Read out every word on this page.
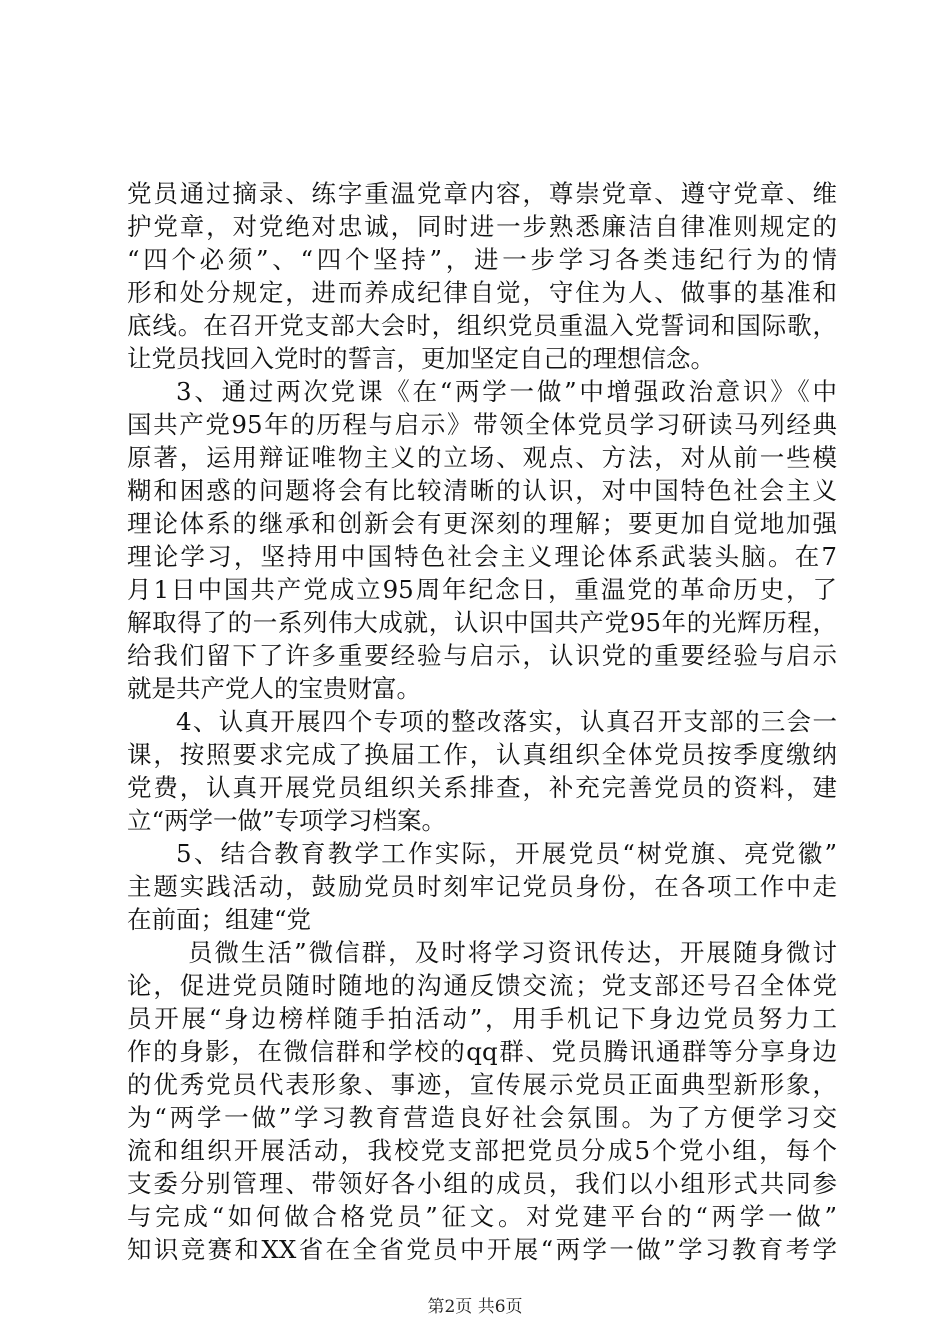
党员通过摘录、练字重温党章内容，尊崇党章、遵守党章、维
护党章，对党绝对忠诚，同时进一步熟悉廉洁自律准则规定的
“四个必须”、“四个坚持”，进一步学习各类违纪行为的情
形和处分规定，进而养成纪律自觉，守住为人、做事的基准和
底线。在召开党支部大会时，组织党员重温入党誓词和国际歌，
让党员找回入党时的誓言，更加坚定自己的理想信念。
3、通过两次党课《在“两学一做”中增强政治意识》《中
国共产党95年的历程与启示》带领全体党员学习研读马列经典
原著，运用辩证唯物主义的立场、观点、方法，对从前一些模
糊和困惑的问题将会有比较清晰的认识，对中国特色社会主义
理论体系的继承和创新会有更深刻的理解；要更加自觉地加强
理论学习，坚持用中国特色社会主义理论体系武装头脑。在7
月1日中国共产党成立95周年纪念日，重温党的革命历史，了
解取得了的一系列伟大成就，认识中国共产党95年的光辉历程，
给我们留下了许多重要经验与启示，认识党的重要经验与启示
就是共产党人的宝贵财富。
4、认真开展四个专项的整改落实，认真召开支部的三会一
课，按照要求完成了换届工作，认真组织全体党员按季度缴纳
党费，认真开展党员组织关系排查，补充完善党员的资料，建
立“两学一做”专项学习档案。
5、结合教育教学工作实际，开展党员“树党旗、亮党徽”
主题实践活动，鼓励党员时刻牢记党员身份，在各项工作中走
在前面；组建“党
员微生活”微信群，及时将学习资讯传达，开展随身微讨
论，促进党员随时随地的沟通反馈交流；党支部还号召全体党
员开展“身边榜样随手拍活动”，用手机记下身边党员努力工
作的身影，在微信群和学校的qq群、党员腾讯通群等分享身边
的优秀党员代表形象、事迹，宣传展示党员正面典型新形象，
为“两学一做”学习教育营造良好社会氛围。为了方便学习交
流和组织开展活动，我校党支部把党员分成5个党小组，每个
支委分别管理、带领好各小组的成员，我们以小组形式共同参
与完成“如何做合格党员”征文。对党建平台的“两学一做”
知识竞赛和XX省在全省党员中开展“两学一做”学习教育考学
第2页 共6页
